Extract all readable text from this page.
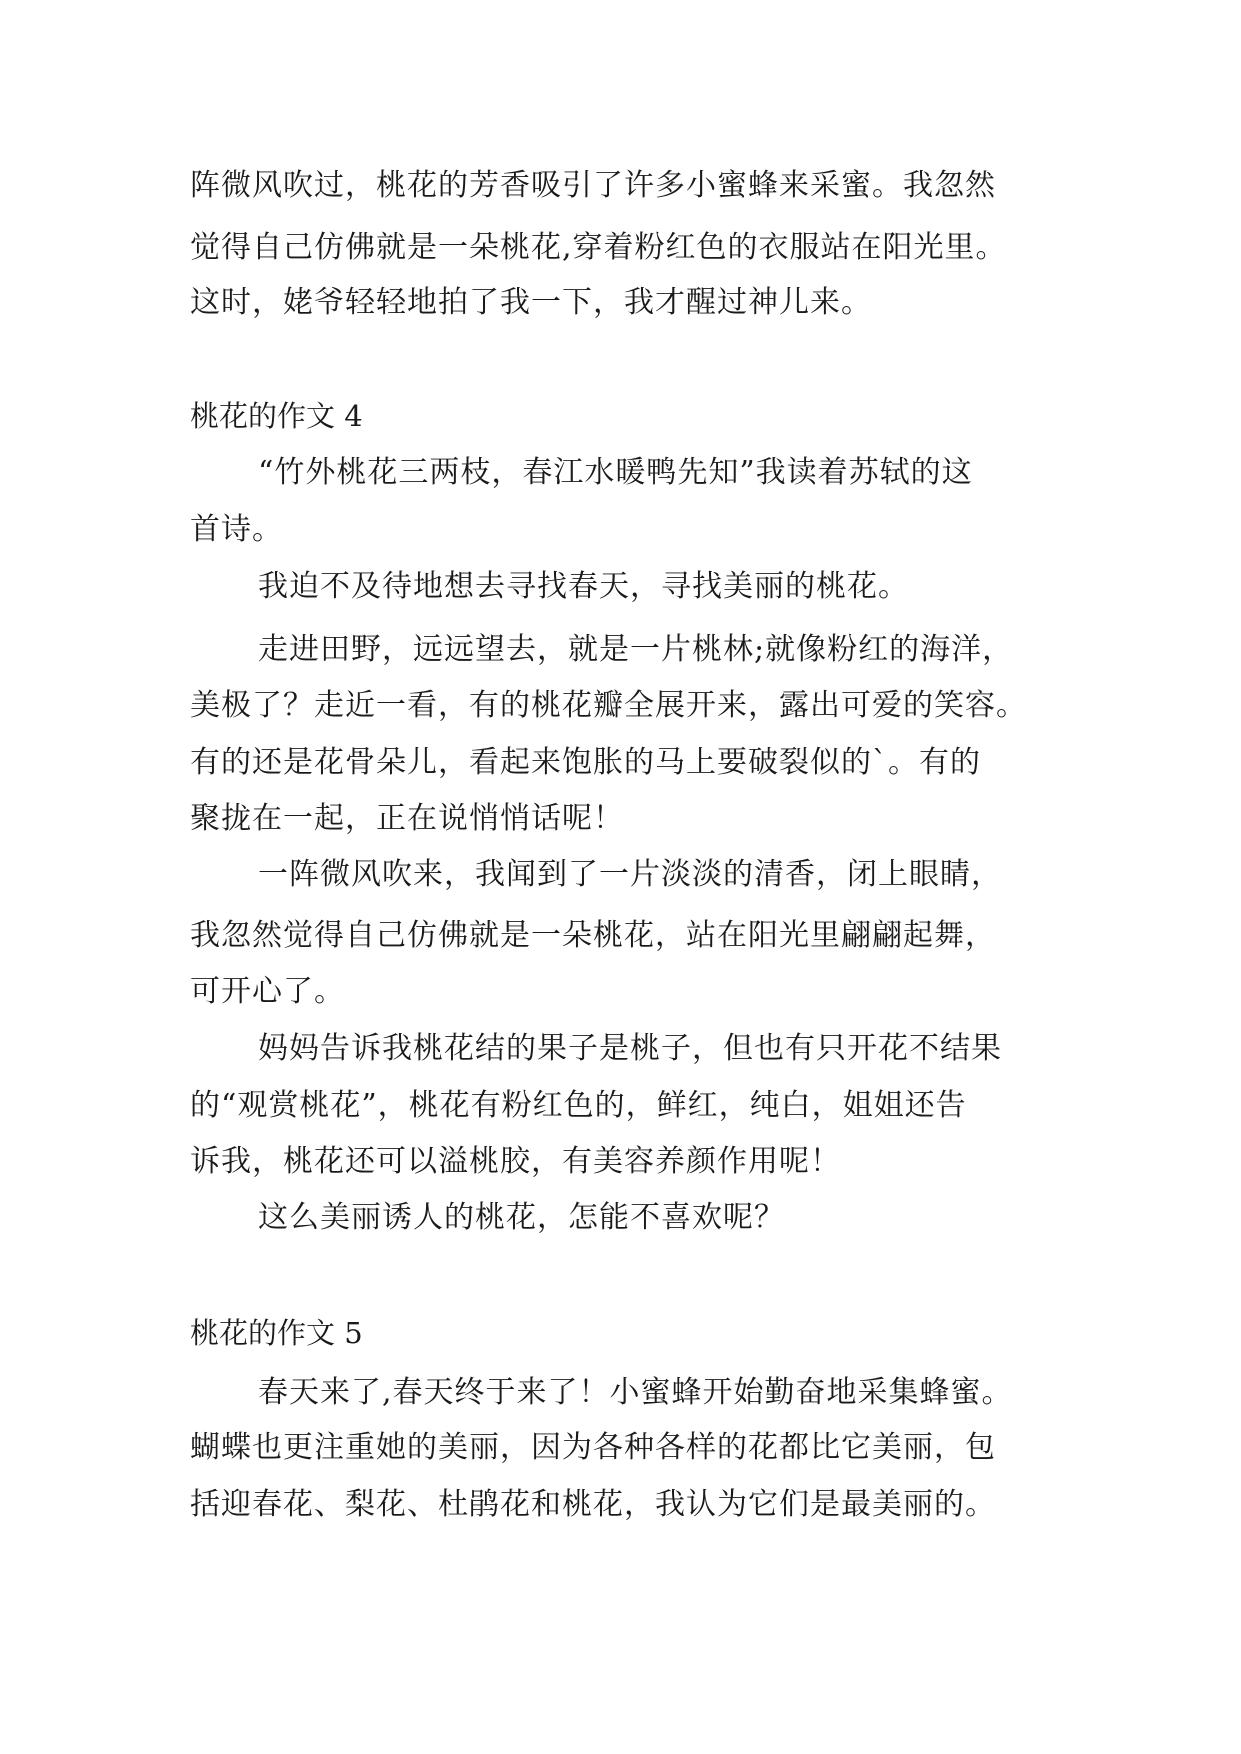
阵微风吹过，桃花的芳香吸引了许多小蜜蜂来采蜜。我忽然
觉得自己仿佛就是一朵桃花,穿着粉红色的衣服站在阳光里。
这时，姥爷轻轻地拍了我一下，我才醒过神儿来。
桃花的作文 4
“竹外桃花三两枝，春江水暖鸭先知”我读着苏轼的这
首诗。
我迫不及待地想去寻找春天，寻找美丽的桃花。
走进田野，远远望去，就是一片桃林;就像粉红的海洋，
美极了？走近一看，有的桃花瓣全展开来，露出可爱的笑容。
有的还是花骨朵儿，看起来饱胀的马上要破裂似的`。有的
聚拢在一起，正在说悄悄话呢！
一阵微风吹来，我闻到了一片淡淡的清香，闭上眼睛，
我忽然觉得自己仿佛就是一朵桃花，站在阳光里翩翩起舞，
可开心了。
妈妈告诉我桃花结的果子是桃子，但也有只开花不结果
的“观赏桃花”，桃花有粉红色的，鲜红，纯白，姐姐还告
诉我，桃花还可以溢桃胶，有美容养颜作用呢！
这么美丽诱人的桃花，怎能不喜欢呢？
桃花的作文 5
春天来了,春天终于来了！小蜜蜂开始勤奋地采集蜂蜜。
蝴蝶也更注重她的美丽，因为各种各样的花都比它美丽，包
括迎春花、梨花、杜鹃花和桃花，我认为它们是最美丽的。
